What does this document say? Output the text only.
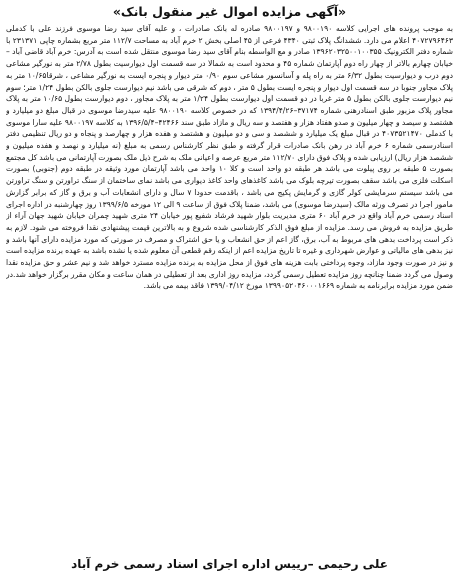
«آگهی مزایده اموال غیر منقول بانک»
به موجب پرونده های اجرایی کلاسه ۹۸۰۰۱۹۰ و ۹۸۰۰۱۹۷ صادره له بانک صادرات ، و علیه آقای سید رضا موسوی فرزند علی با کدملی ۴۰۷۲۷۹۶۴۶۳ اعلام می دارد. ششدانگ پلاک ثبتی ۴۳۴۰ فرعی از ۴۵ اصلی بخش ۲ خرم آباد به مساحت ۱۱۲/۷ متر مربع بشماره چاپی ۲۳۱۳۷۱ با شماره دفتر الکترونیک ۱۳۹۶۲۰۳۲۵۰۰۱۰۰۳۵۵ صادر و مع الواسطه بنام آقای سید رضا موسوی منتقل شده است به آدرس: خرم آباد قاضی آباد –خیابان چهارم بالاتر از چهار راه دوم آپارتمان شماره ۴۵ و محدود است به شمالا در سه قسمت اول دیوارسیت بطول ۲/۷۸ متر به نورگیر مشاعی دوم درب و دیوارسیت بطول ۶/۳۲ متر به راه پله و آسانسور مشاعی سوم ۰/۹۰ متر دیوار و پنجره ایست به نورگیر مشاعی ، شرقا۱۰/۶۵ متر به پلاک مجاور جنوبا در سه قسمت اول دیوار و پنجره ایست بطول ۵ متر ، دوم که شرقی می باشد نیم دیوارست جلوی بالکن بطول ۱/۲۴ متر؛ سوم نیم دیوارست جلوی بالکن بطول ۵ متر غربا در دو قسمت اول دیوارست بطول ۱/۲۴ متر به پلاک مجاور ، دوم دیوارست بطول ۱۰/۶۵ متر به پلاک مجاور پلاک مزبور طبق اسنادرهنی شماره ۳۷۱۷۴–۱۳۹۴/۴/۲۶ که در خصوص کلاسه ۹۸۰۰۱۹۰ علیه سیدرضا موسوی در قبال مبلغ دو میلیارد و هشتصد و سیصد و چهار میلیون و صدو هفتاد هزار و هفتصد و سه ریال و مازاد طبق سند ۴۲۴۶۶–۱۳۹۶/۵/۴ به کلاسه ۹۸۰۰۱۹۷ علیه سارا موسوی با کدملی ۴۰۷۳۵۲۱۴۷۰ در قبال مبلغ یک میلیارد و ششصد و سی و دو میلیون و هشتصد و هفده هزار و چهارصد و پنجاه و دو ریال تنظیمی دفتر اسنادرسمی شماره ۶ خرم آباد در رهن بانک صادرات قرار گرفته و طبق نظر کارشناس رسمی به مبلغ (نه میلیارد و نهصد و هفده میلیون و ششصد هزار ریال) ارزیابی شده و پلاک فوق دارای ۱۱۲/۷۰ متر مربع عرصه و اعیانی ملک به شرح ذیل ملک بصورت آپارتمانی می باشد کل مجتمع بصورت ۵ طبقه بر روی پیلوت می باشد هر طبقه دو واحد است و کلا ۱۰ واحد می باشد آپارتمان مورد وثیقه در طبقه دوم (جنوبی) بصورت اسکلت فلزی می باشد سقف بصورت تیرچه بلوک می باشد کاغذهای واحد کاغذ دیواری می باشد نمای ساختمان از سنگ تراورتن و سنگ تراورتن می باشد سیستم سرمایشی کولر گازی و گرمایش پکیج می باشد ، باقدمت حدودا ۷ سال و دارای انشعابات آب و برق و گاز که برابر گزارش مامور اجرا در تصرف ورثه مالک (سیدرضا موسوی) می باشد، ضمنا پلاک فوق از ساعت ۹ الی ۱۲ مورخه ۱۳۹۹/۶/۵ روز چهارشنبه در اداره اجرای اسناد رسمی خرم آباد واقع در خرم آباد ۶۰ متری مدیریت بلوار شهید فرشاد شفیع پور خیابان ۲۴ متری شهید چمران خیابان شهید جهان آراء از طریق مزایده به فروش می رسد. مزایده از مبلغ فوق الذکر کارشناسی شده شروع و به بالاترین قیمت پیشنهادی نقدا فروخته می شود. لازم به ذکر است پرداخت بدهی های مربوط به آب، برق، گاز اعم از حق انشعاب و یا حق اشتراک و مصرف در صورتی که مورد مزایده دارای آنها باشد و نیز بدهی های مالیاتی و عوارض شهرداری و غیره تا تاریخ مزایده اعم از اینکه رقم قطعی آن معلوم شده یا نشده باشد به عهده برنده مزایده است و نیز در صورت وجود مازاد، وجوه پرداختی بابت هزینه های فوق از محل مزایده به برنده مزایده مسترد خواهد شد و نیم عشر و حق مزایده نقدا وصول می گردد ضمنا چنانچه روز مزایده تعطیل رسمی گردد، مزایده روز اداری بعد از تعطیلی در همان ساعت و مکان مقرر برگزار خواهد شد.در ضمن مورد مزایده برابرنامه به شماره ۱۳۹۹۰۵۲۰۴۶۰۰۰۱۶۶۹ مورخ ۱۳۹۹/۰۴/۱۲ فاقد بیمه می باشد.
علی رحیمی –رییس اداره اجرای اسناد رسمی خرم آباد
